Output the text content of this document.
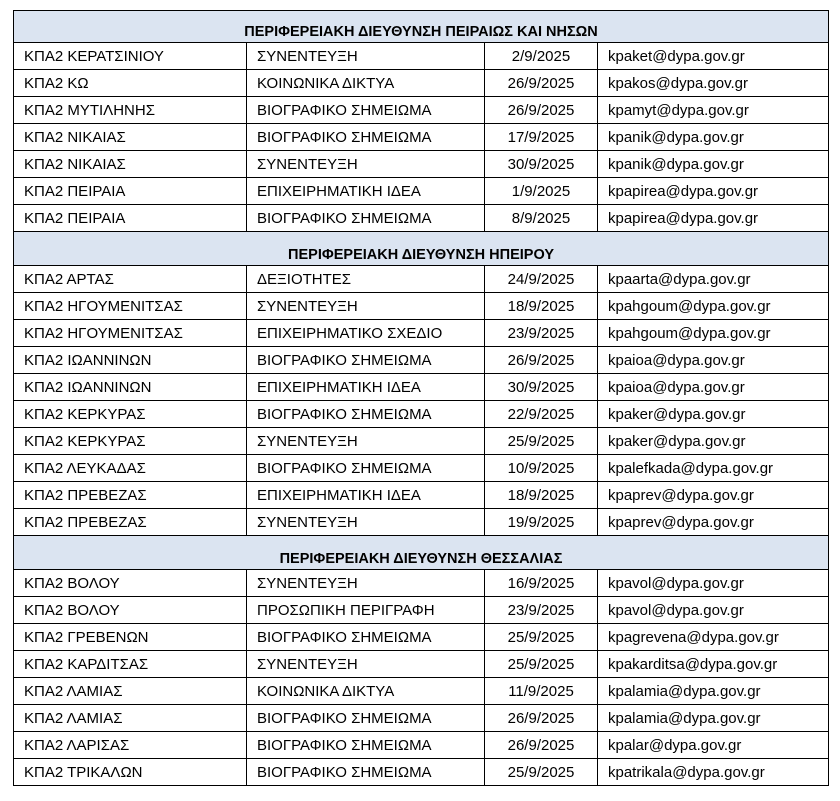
ΠΕΡΙΦΕΡΕΙΑΚΗ ΔΙΕΥΘΥΝΣΗ ΠΕΙΡΑΙΩΣ ΚΑΙ ΝΗΣΩΝ			
ΚΠΑ2 ΚΕΡΑΤΣΙΝΙΟΥ	ΣΥΝΕΝΤΕΥΞΗ	2/9/2025	kpaket@dypa.gov.gr
ΚΠΑ2 ΚΩ	ΚΟΙΝΩΝΙΚΑ ΔΙΚΤΥΑ	26/9/2025	kpakos@dypa.gov.gr
ΚΠΑ2 ΜΥΤΙΛΗΝΗΣ	ΒΙΟΓΡΑΦΙΚΟ ΣΗΜΕΙΩΜΑ	26/9/2025	kpamyt@dypa.gov.gr
ΚΠΑ2 ΝΙΚΑΙΑΣ	ΒΙΟΓΡΑΦΙΚΟ ΣΗΜΕΙΩΜΑ	17/9/2025	kpanik@dypa.gov.gr
ΚΠΑ2 ΝΙΚΑΙΑΣ	ΣΥΝΕΝΤΕΥΞΗ	30/9/2025	kpanik@dypa.gov.gr
ΚΠΑ2 ΠΕΙΡΑΙΑ	ΕΠΙΧΕΙΡΗΜΑΤΙΚΗ ΙΔΕΑ	1/9/2025	kpapirea@dypa.gov.gr
ΚΠΑ2 ΠΕΙΡΑΙΑ	ΒΙΟΓΡΑΦΙΚΟ ΣΗΜΕΙΩΜΑ	8/9/2025	kpapirea@dypa.gov.gr
ΠΕΡΙΦΕΡΕΙΑΚΗ ΔΙΕΥΘΥΝΣΗ ΗΠΕΙΡΟΥ			
ΚΠΑ2 ΑΡΤΑΣ	ΔΕΞΙΟΤΗΤΕΣ	24/9/2025	kpaarta@dypa.gov.gr
ΚΠΑ2 ΗΓΟΥΜΕΝΙΤΣΑΣ	ΣΥΝΕΝΤΕΥΞΗ	18/9/2025	kpahgoum@dypa.gov.gr
ΚΠΑ2 ΗΓΟΥΜΕΝΙΤΣΑΣ	ΕΠΙΧΕΙΡΗΜΑΤΙΚΟ ΣΧΕΔΙΟ	23/9/2025	kpahgoum@dypa.gov.gr
ΚΠΑ2 ΙΩΑΝΝΙΝΩΝ	ΒΙΟΓΡΑΦΙΚΟ ΣΗΜΕΙΩΜΑ	26/9/2025	kpaioa@dypa.gov.gr
ΚΠΑ2 ΙΩΑΝΝΙΝΩΝ	ΕΠΙΧΕΙΡΗΜΑΤΙΚΗ ΙΔΕΑ	30/9/2025	kpaioa@dypa.gov.gr
ΚΠΑ2 ΚΕΡΚΥΡΑΣ	ΒΙΟΓΡΑΦΙΚΟ ΣΗΜΕΙΩΜΑ	22/9/2025	kpaker@dypa.gov.gr
ΚΠΑ2 ΚΕΡΚΥΡΑΣ	ΣΥΝΕΝΤΕΥΞΗ	25/9/2025	kpaker@dypa.gov.gr
ΚΠΑ2 ΛΕΥΚΑΔΑΣ	ΒΙΟΓΡΑΦΙΚΟ ΣΗΜΕΙΩΜΑ	10/9/2025	kpalefkada@dypa.gov.gr
ΚΠΑ2 ΠΡΕΒΕΖΑΣ	ΕΠΙΧΕΙΡΗΜΑΤΙΚΗ ΙΔΕΑ	18/9/2025	kpaprev@dypa.gov.gr
ΚΠΑ2 ΠΡΕΒΕΖΑΣ	ΣΥΝΕΝΤΕΥΞΗ	19/9/2025	kpaprev@dypa.gov.gr
ΠΕΡΙΦΕΡΕΙΑΚΗ ΔΙΕΥΘΥΝΣΗ ΘΕΣΣΑΛΙΑΣ			
ΚΠΑ2 ΒΟΛΟΥ	ΣΥΝΕΝΤΕΥΞΗ	16/9/2025	kpavol@dypa.gov.gr
ΚΠΑ2 ΒΟΛΟΥ	ΠΡΟΣΩΠΙΚΗ ΠΕΡΙΓΡΑΦΗ	23/9/2025	kpavol@dypa.gov.gr
ΚΠΑ2 ΓΡΕΒΕΝΩΝ	ΒΙΟΓΡΑΦΙΚΟ ΣΗΜΕΙΩΜΑ	25/9/2025	kpagrevena@dypa.gov.gr
ΚΠΑ2 ΚΑΡΔΙΤΣΑΣ	ΣΥΝΕΝΤΕΥΞΗ	25/9/2025	kpakarditsa@dypa.gov.gr
ΚΠΑ2 ΛΑΜΙΑΣ	ΚΟΙΝΩΝΙΚΑ ΔΙΚΤΥΑ	11/9/2025	kpalamia@dypa.gov.gr
ΚΠΑ2 ΛΑΜΙΑΣ	ΒΙΟΓΡΑΦΙΚΟ ΣΗΜΕΙΩΜΑ	26/9/2025	kpalamia@dypa.gov.gr
ΚΠΑ2 ΛΑΡΙΣΑΣ	ΒΙΟΓΡΑΦΙΚΟ ΣΗΜΕΙΩΜΑ	26/9/2025	kpalar@dypa.gov.gr
ΚΠΑ2 ΤΡΙΚΑΛΩΝ	ΒΙΟΓΡΑΦΙΚΟ ΣΗΜΕΙΩΜΑ	25/9/2025	kpatrikala@dypa.gov.gr
